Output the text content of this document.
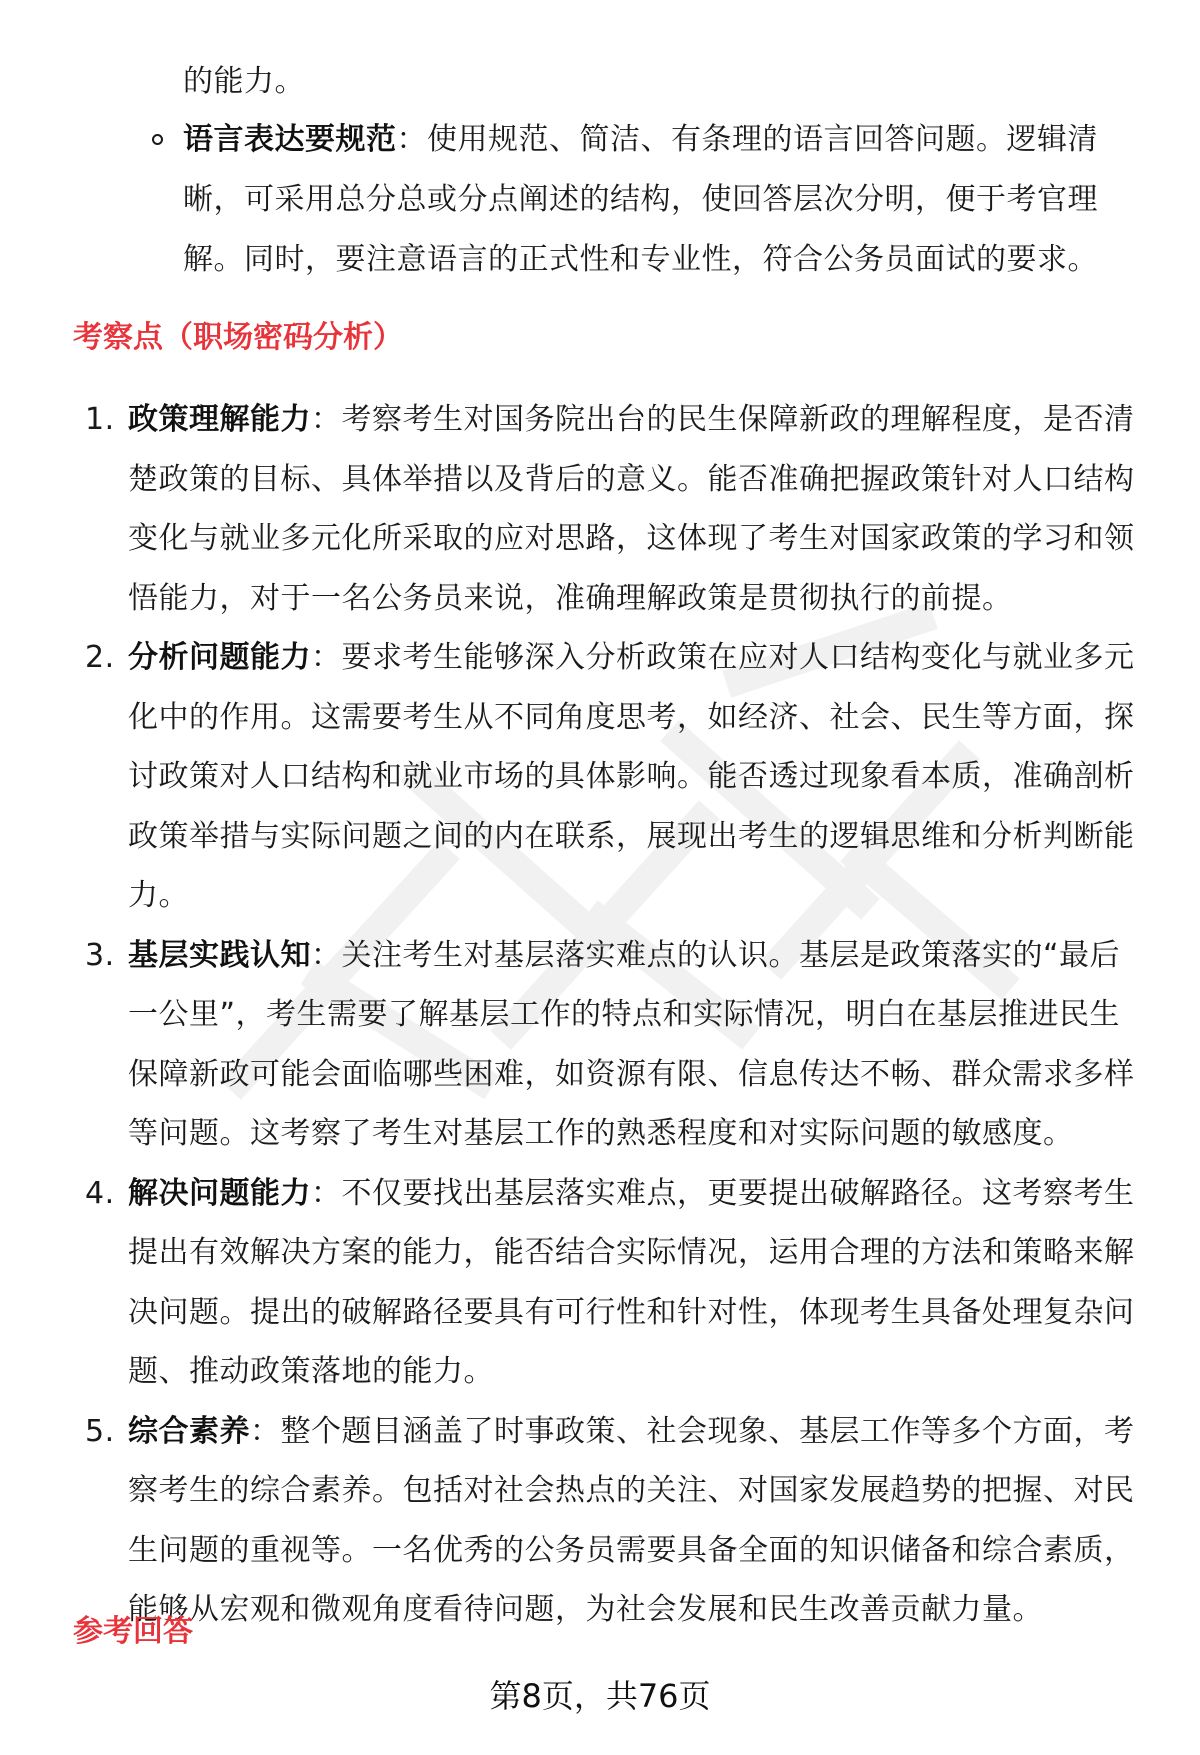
的能力。
语言表达要规范：使用规范、简洁、有条理的语言回答问题。逻辑清晰，可采用总分总或分点阐述的结构，使回答层次分明，便于考官理解。同时，要注意语言的正式性和专业性，符合公务员面试的要求。
考察点（职场密码分析）
1. 政策理解能力：考察考生对国务院出台的民生保障新政的理解程度，是否清楚政策的目标、具体举措以及背后的意义。能否准确把握政策针对人口结构变化与就业多元化所采取的应对思路，这体现了考生对国家政策的学习和领悟能力，对于一名公务员来说，准确理解政策是贯彻执行的前提。
2. 分析问题能力：要求考生能够深入分析政策在应对人口结构变化与就业多元化中的作用。这需要考生从不同角度思考，如经济、社会、民生等方面，探讨政策对人口结构和就业市场的具体影响。能否透过现象看本质，准确剖析政策举措与实际问题之间的内在联系，展现出考生的逻辑思维和分析判断能力。
3. 基层实践认知：关注考生对基层落实难点的认识。基层是政策落实的“最后一公里”，考生需要了解基层工作的特点和实际情况，明白在基层推进民生保障新政可能会面临哪些困难，如资源有限、信息传达不畅、群众需求多样等问题。这考察了考生对基层工作的熟悉程度和对实际问题的敏感度。
4. 解决问题能力：不仅要找出基层落实难点，更要提出破解路径。这考察考生提出有效解决方案的能力，能否结合实际情况，运用合理的方法和策略来解决问题。提出的破解路径要具有可行性和针对性，体现考生具备处理复杂问题、推动政策落地的能力。
5. 综合素养：整个题目涵盖了时事政策、社会现象、基层工作等多个方面，考察考生的综合素养。包括对社会热点的关注、对国家发展趋势的把握、对民生问题的重视等。一名优秀的公务员需要具备全面的知识储备和综合素质，能够从宏观和微观角度看待问题，为社会发展和民生改善贡献力量。
参考回答
第8页，共76页
